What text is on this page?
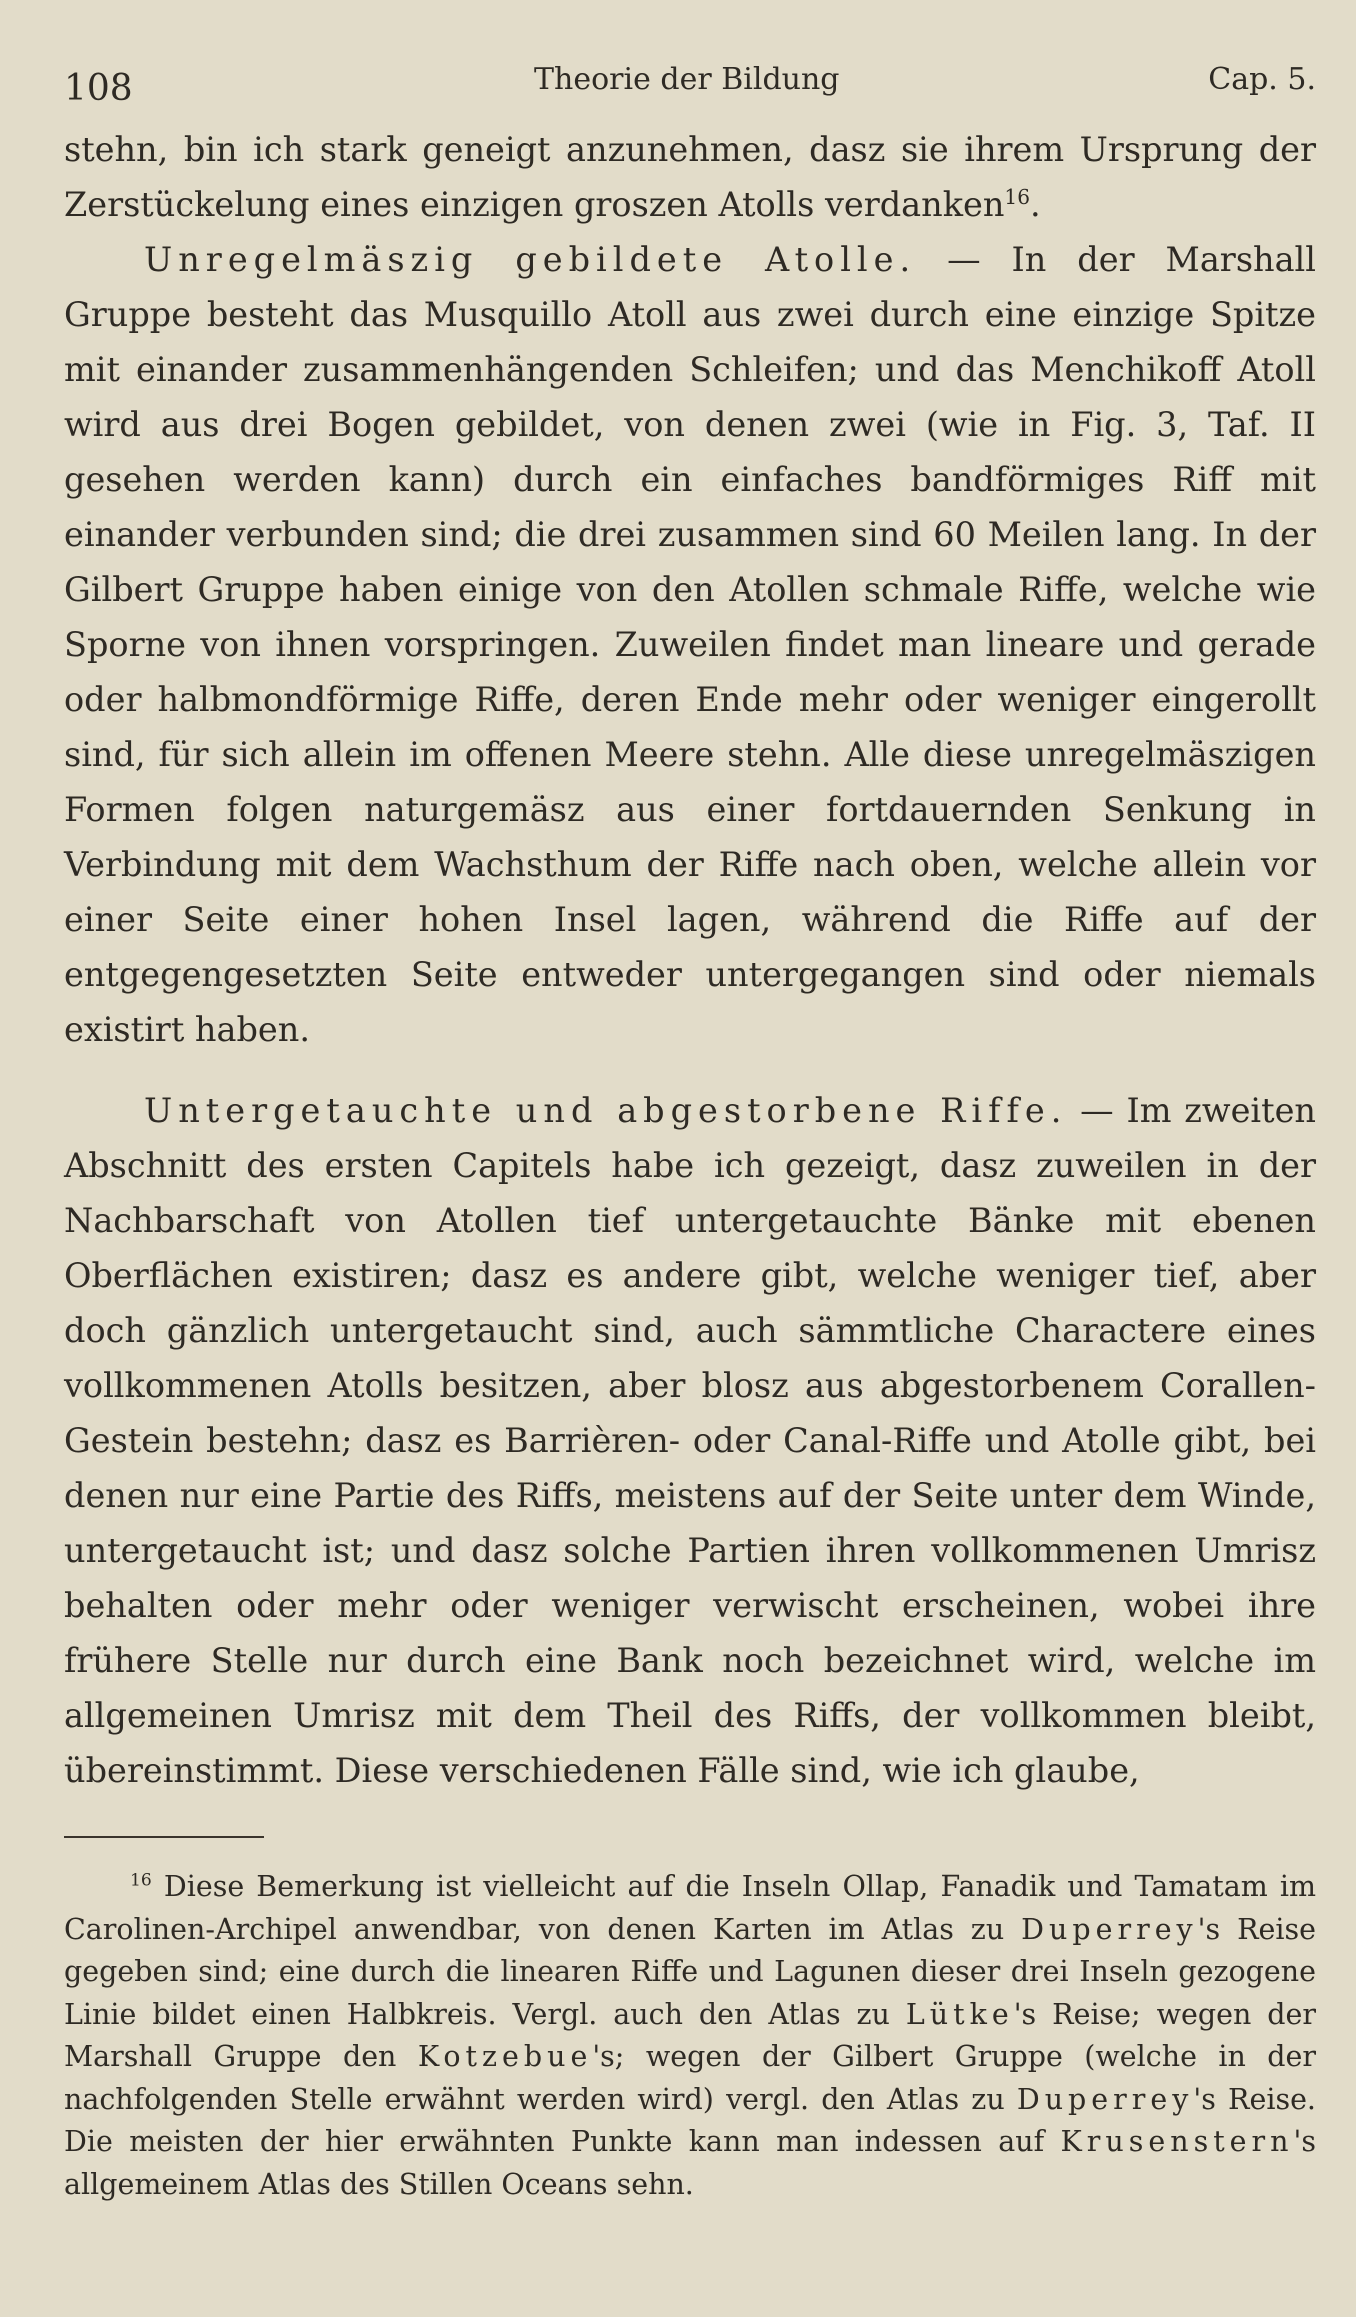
108	Theorie der Bildung	Cap. 5.

stehn, bin ich stark geneigt anzunehmen, dasz sie ihrem Ursprung der Zerstückelung eines einzigen groszen Atolls verdanken$^{16}$.

Unregelmäszig gebildete Atolle. — In der Marshall Gruppe besteht das Musquillo Atoll aus zwei durch eine einzige Spitze mit einander zusammenhängenden Schleifen; und das Menchikoff Atoll wird aus drei Bogen gebildet, von denen zwei (wie in Fig. 3, Taf. II gesehen werden kann) durch ein einfaches bandförmiges Riff mit einander verbunden sind; die drei zusammen sind 60 Meilen lang. In der Gilbert Gruppe haben einige von den Atollen schmale Riffe, welche wie Sporne von ihnen vorspringen. Zuweilen findet man lineare und gerade oder halbmondförmige Riffe, deren Ende mehr oder weniger eingerollt sind, für sich allein im offenen Meere stehn. Alle diese unregelmäszigen Formen folgen naturgemäsz aus einer fortdauernden Senkung in Verbindung mit dem Wachsthum der Riffe nach oben, welche allein vor einer Seite einer hohen Insel lagen, während die Riffe auf der entgegengesetzten Seite entweder untergegangen sind oder niemals existirt haben.

Untergetauchte und abgestorbene Riffe. — Im zweiten Abschnitt des ersten Capitels habe ich gezeigt, dasz zuweilen in der Nachbarschaft von Atollen tief untergetauchte Bänke mit ebenen Oberflächen existiren; dasz es andere gibt, welche weniger tief, aber doch gänzlich untergetaucht sind, auch sämmtliche Charactere eines vollkommenen Atolls besitzen, aber blosz aus abgestorbenem Corallen-Gestein bestehn; dasz es Barrièren- oder Canal-Riffe und Atolle gibt, bei denen nur eine Partie des Riffs, meistens auf der Seite unter dem Winde, untergetaucht ist; und dasz solche Partien ihren vollkommenen Umrisz behalten oder mehr oder weniger verwischt erscheinen, wobei ihre frühere Stelle nur durch eine Bank noch bezeichnet wird, welche im allgemeinen Umrisz mit dem Theil des Riffs, der vollkommen bleibt, übereinstimmt. Diese verschiedenen Fälle sind, wie ich glaube,

$^{16}$ Diese Bemerkung ist vielleicht auf die Inseln Ollap, Fanadik und Tamatam im Carolinen-Archipel anwendbar, von denen Karten im Atlas zu Duperrey's Reise gegeben sind; eine durch die linearen Riffe und Lagunen dieser drei Inseln gezogene Linie bildet einen Halbkreis. Vergl. auch den Atlas zu Lütke's Reise; wegen der Marshall Gruppe den Kotzebue's; wegen der Gilbert Gruppe (welche in der nachfolgenden Stelle erwähnt werden wird) vergl. den Atlas zu Duperrey's Reise. Die meisten der hier erwähnten Punkte kann man indessen auf Krusenstern's allgemeinem Atlas des Stillen Oceans sehn.
